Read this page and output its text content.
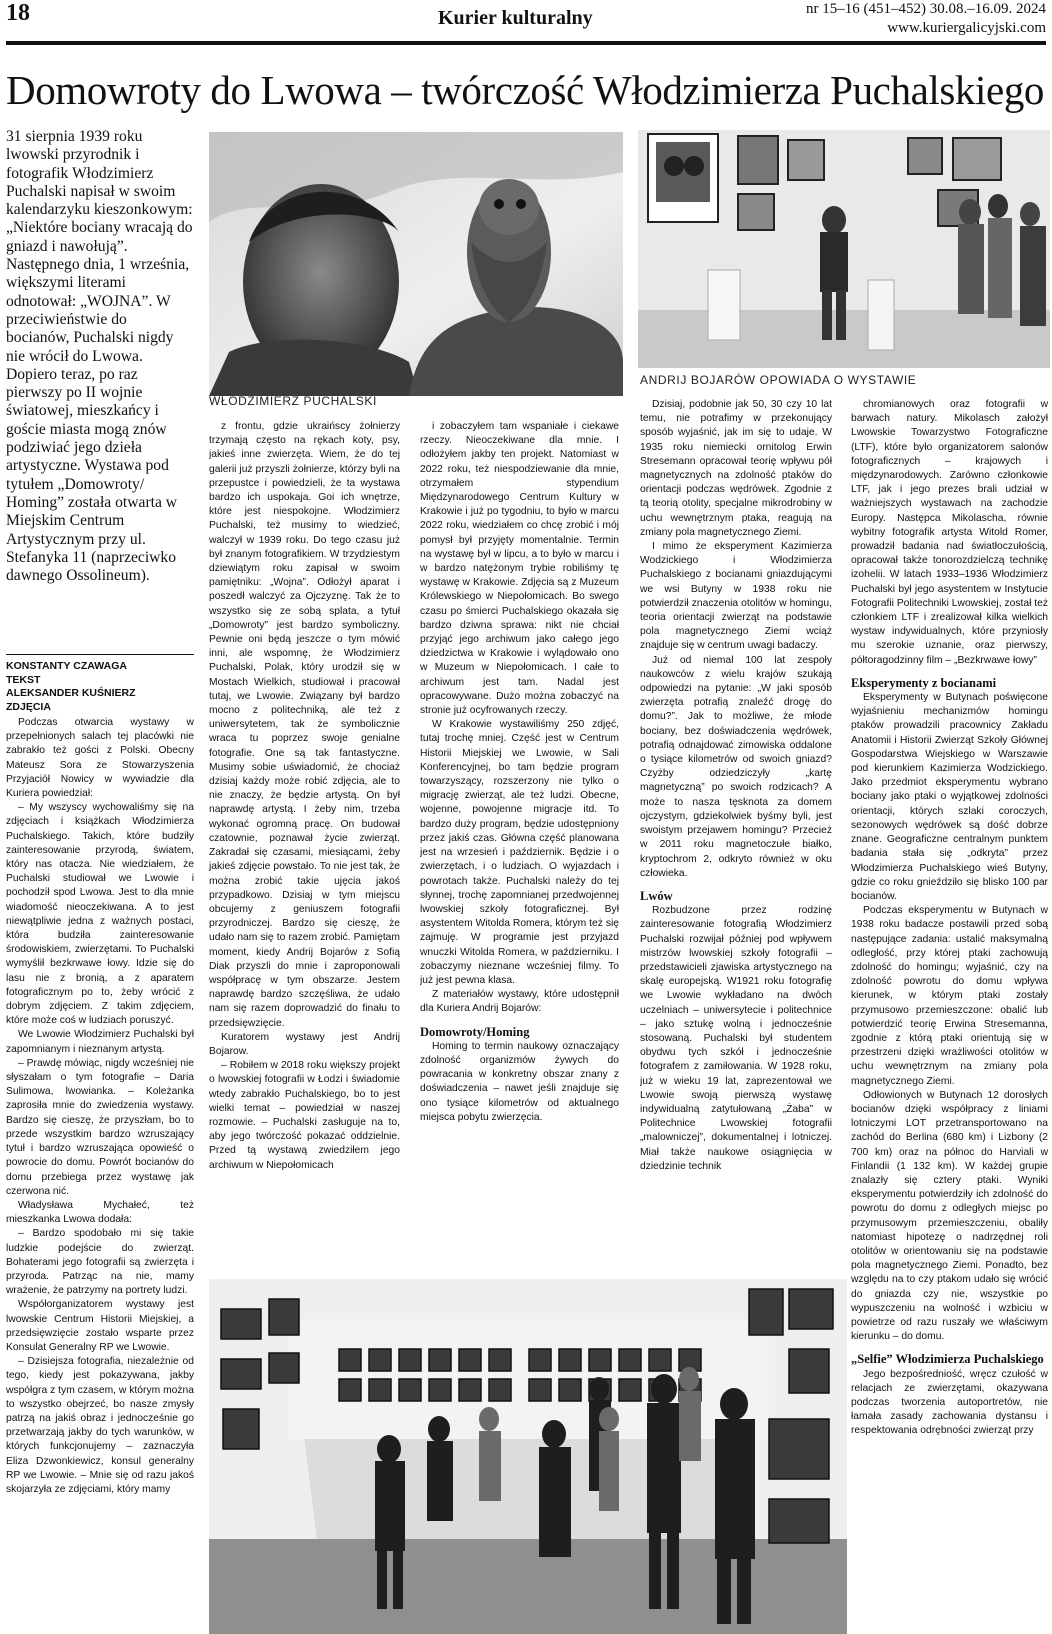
18	Kurier kulturalny	nr 15–16 (451–452) 30.08.–16.09. 2024
www.kuriergalicyjski.com
Domowroty do Lwowa – twórczość Włodzimierza Puchalskiego

31 sierpnia 1939 roku lwowski przyrodnik i fotografik Włodzimierz Puchalski napisał w swoim kalendarzyku kieszonkowym: „Niektóre bociany wracają do gniazd i nawołują”. Następnego dnia, 1 września, większymi literami odnotował: „WOJNA”. W przeciwieństwie do bocianów, Puchalski nigdy nie wrócił do Lwowa. Dopiero teraz, po raz pierwszy po II wojnie światowej, mieszkańcy i goście miasta mogą znów podziwiać jego dzieła artystyczne. Wystawa pod tytułem „Domowroty/ Homing” została otwarta w Miejskim Centrum Artystycznym przy ul. Stefanyka 11 (naprzeciwko dawnego Ossolineum).

KONSTANTY CZAWAGA
TEKST
ALEKSANDER KUŚNIERZ
ZDJĘCIA
WŁODZIMIERZ PUCHALSKI
ANDRIJ BOJARÓW OPOWIADA O WYSTAWIE

Podczas otwarcia wystawy w przepełnionych salach tej placówki nie zabrakło też gości z Polski. Obecny Mateusz Sora ze Stowarzyszenia Przyjaciół Nowicy w wywiadzie dla Kuriera powiedział:

– My wszyscy wychowaliśmy się na zdjęciach i książkach Włodzimierza Puchalskiego. Takich, które budziły zainteresowanie przyrodą, światem, który nas otacza. Nie wiedziałem, że Puchalski studiował we Lwowie i pochodził spod Lwowa. Jest to dla mnie wiadomość nieoczekiwana. A to jest niewątpliwie jedna z ważnych postaci, która budziła zainteresowanie środowiskiem, zwierzętami. To Puchalski wymyślił bezkrwawe łowy. Idzie się do lasu nie z bronią, a z aparatem fotograficznym po to, żeby wrócić z dobrym zdjęciem. Z takim zdjęciem, które może coś w ludziach poruszyć.

We Lwowie Włodzimierz Puchalski był zapomnianym i nieznanym artystą.

– Prawdę mówiąc, nigdy wcześniej nie słyszałam o tym fotografie – Daria Sulimowa, lwowianka. – Koleżanka zaprosiła mnie do zwiedzenia wystawy. Bardzo się cieszę, że przyszłam, bo to przede wszystkim bardzo wzruszający tytuł i bardzo wzruszająca opowieść o powrocie do domu. Powrót bocianów do domu przebiega przez wystawę jak czerwona nić.

Władysława Mychałeć, też mieszkanka Lwowa dodała:

– Bardzo spodobało mi się takie ludzkie podejście do zwierząt. Bohaterami jego fotografii są zwierzęta i przyroda. Patrząc na nie, mamy wrażenie, że patrzymy na portrety ludzi.

Współorganizatorem wystawy jest lwowskie Centrum Historii Miejskiej, a przedsięwzięcie zostało wsparte przez Konsulat Generalny RP we Lwowie.

– Dzisiejsza fotografia, niezależnie od tego, kiedy jest pokazywana, jakby współgra z tym czasem, w którym można to wszystko obejrzeć, bo nasze zmysły patrzą na jakiś obraz i jednocześnie go przetwarzają jakby do tych warunków, w których funkcjonujemy – zaznaczyła Eliza Dzwonkiewicz, konsul generalny RP we Lwowie. – Mnie się od razu jakoś skojarzyła ze zdjęciami, który mamy

z frontu, gdzie ukraińscy żołnierzy trzymają często na rękach koty, psy, jakieś inne zwierzęta. Wiem, że do tej galerii już przyszli żołnierze, którzy byli na przepustce i powiedzieli, że ta wystawa bardzo ich uspokaja. Goi ich wnętrze, które jest niespokojne. Włodzimierz Puchalski, też musimy to wiedzieć, walczył w 1939 roku. Do tego czasu już był znanym fotografikiem. W trzydziestym dziewiątym roku zapisał w swoim pamiętniku: „Wojna”. Odłożył aparat i poszedł walczyć za Ojczyznę. Tak że to wszystko się ze sobą splata, a tytuł „Domowroty” jest bardzo symboliczny. Pewnie oni będą jeszcze o tym mówić inni, ale wspomnę, że Włodzimierz Puchalski, Polak, który urodził się w Mostach Wielkich, studiował i pracował tutaj, we Lwowie. Związany był bardzo mocno z politechniką, ale też z uniwersytetem, tak że symbolicznie wraca tu poprzez swoje genialne fotografie. One są tak fantastyczne. Musimy sobie uświadomić, że chociaż dzisiaj każdy może robić zdjęcia, ale to nie znaczy, że będzie artystą. On był naprawdę artystą. I żeby nim, trzeba wykonać ogromną pracę. On budował czatownie, poznawał życie zwierząt. Zakradał się czasami, miesiącami, żeby jakieś zdjęcie powstało. To nie jest tak, że można zrobić takie ujęcia jakoś przypadkowo. Dzisiaj w tym miejscu obcujemy z geniuszem fotografii przyrodniczej. Bardzo się cieszę, że udało nam się to razem zrobić. Pamiętam moment, kiedy Andrij Bojarów z Sofią Diak przyszli do mnie i zaproponowali współpracę w tym obszarze. Jestem naprawdę bardzo szczęśliwa, że udało nam się razem doprowadzić do finału to przedsięwzięcie.

Kuratorem wystawy jest Andrij Bojarow.

– Robiłem w 2018 roku większy projekt o lwowskiej fotografii w Łodzi i świadomie wtedy zabrakło Puchalskiego, bo to jest wielki temat – powiedział w naszej rozmowie. – Puchalski zasługuje na to, aby jego twórczość pokazać oddzielnie. Przed tą wystawą zwiedziłem jego archiwum w Niepołomicach

i zobaczyłem tam wspaniałe i ciekawe rzeczy. Nieoczekiwane dla mnie. I odłożyłem jakby ten projekt. Natomiast w 2022 roku, też niespodziewanie dla mnie, otrzymałem stypendium Międzynarodowego Centrum Kultury w Krakowie i już po tygodniu, to było w marcu 2022 roku, wiedziałem co chcę zrobić i mój pomysł był przyjęty momentalnie. Termin na wystawę był w lipcu, a to było w marcu i w bardzo natężonym trybie robiliśmy tę wystawę w Krakowie. Zdjęcia są z Muzeum Królewskiego w Niepołomicach. Bo swego czasu po śmierci Puchalskiego okazała się bardzo dziwna sprawa: nikt nie chciał przyjąć jego archiwum jako całego jego dziedzictwa w Krakowie i wylądowało ono w Muzeum w Niepołomicach. I całe to archiwum jest tam. Nadal jest opracowywane. Dużo można zobaczyć na stronie już ocyfrowanych rzeczy.

W Krakowie wystawiliśmy 250 zdjęć, tutaj trochę mniej. Część jest w Centrum Historii Miejskiej we Lwowie, w Sali Konferencyjnej, bo tam będzie program towarzyszący, rozszerzony nie tylko o migrację zwierząt, ale też ludzi. Obecne, wojenne, powojenne migracje itd. To bardzo duży program, będzie udostępniony przez jakiś czas. Główna część planowana jest na wrzesień i październik. Będzie i o zwierzętach, i o ludziach. O wyjazdach i powrotach także. Puchalski należy do tej słynnej, trochę zapomnianej przedwojennej lwowskiej szkoły fotograficznej. Był asystentem Witolda Romera, którym też się zajmuję. W programie jest przyjazd wnuczki Witolda Romera, w październiku. I zobaczymy nieznane wcześniej filmy. To już jest pewna klasa.

Z materiałów wystawy, które udostępnił dla Kuriera Andrij Bojarów:

Domowroty/Homing

Homing to termin naukowy oznaczający zdolność organizmów żywych do powracania w konkretny obszar znany z doświadczenia – nawet jeśli znajduje się ono tysiące kilometrów od aktualnego miejsca pobytu zwierzęcia.

Dzisiaj, podobnie jak 50, 30 czy 10 lat temu, nie potrafimy w przekonujący sposób wyjaśnić, jak im się to udaje. W 1935 roku niemiecki ornitolog Erwin Stresemann opracował teorię wpływu pół magnetycznych na zdolność ptaków do orientacji podczas wędrówek. Zgodnie z tą teorią otolity, specjalne mikrodrobiny w uchu wewnętrznym ptaka, reagują na zmiany pola magnetycznego Ziemi.

I mimo że eksperyment Kazimierza Wodzickiego i Włodzimierza Puchalskiego z bocianami gniazdującymi we wsi Butyny w 1938 roku nie potwierdził znaczenia otolitów w homingu, teoria orientacji zwierząt na podstawie pola magnetycznego Ziemi wciąż znajduje się w centrum uwagi badaczy.

Już od niemal 100 lat zespoły naukowców z wielu krajów szukają odpowiedzi na pytanie: „W jaki sposób zwierzęta potrafią znaleźć drogę do domu?”. Jak to możliwe, że młode bociany, bez doświadczenia wędrówek, potrafią odnajdować zimowiska oddalone o tysiące kilometrów od swoich gniazd? Czyżby odziedziczyły „kartę magnetyczną” po swoich rodzicach? A może to nasza tęsknota za domem ojczystym, gdziekolwiek byśmy byli, jest swoistym przejawem homingu? Przecież w 2011 roku magnetoczułe białko, kryptochrom 2, odkryto również w oku człowieka.

Lwów

Rozbudzone przez rodzinę zainteresowanie fotografią Włodzimierz Puchalski rozwijał później pod wpływem mistrzów lwowskiej szkoły fotografii – przedstawicieli zjawiska artystycznego na skalę europejską. W1921 roku fotografię we Lwowie wykładano na dwóch uczelniach – uniwersytecie i politechnice – jako sztukę wolną i jednocześnie stosowaną. Puchalski był studentem obydwu tych szkół i jednocześnie fotografem z zamiłowania. W 1928 roku, już w wieku 19 lat, zaprezentował we Lwowie swoją pierwszą wystawę indywidualną zatytułowaną „Żaba” w Politechnice Lwowskiej fotografii „malowniczej”, dokumentalnej i lotniczej. Miał także naukowe osiągnięcia w dziedzinie technik

chromianowych oraz fotografii w barwach natury. Mikolasch założył Lwowskie Towarzystwo Fotograficzne (LTF), które było organizatorem salonów fotograficznych – krajowych i międzynarodowych. Zarówno członkowie LTF, jak i jego prezes brali udział w ważniejszych wystawach na zachodzie Europy. Następca Mikolascha, równie wybitny fotografik artysta Witold Romer, prowadził badania nad światłoczułością, opracował także tonorozdzielczą technikę izohelii. W latach 1933–1936 Włodzimierz Puchalski był jego asystentem w Instytucie Fotografii Politechniki Lwowskiej, został też członkiem LTF i zrealizował kilka wielkich wystaw indywidualnych, które przyniosły mu szerokie uznanie, oraz pierwszy, półtoragodzinny film – „Bezkrwawe łowy”

Eksperymenty z bocianami

Eksperymenty w Butynach poświęcone wyjaśnieniu mechanizmów homingu ptaków prowadzili pracownicy Zakładu Anatomii i Historii Zwierząt Szkoły Głównej Gospodarstwa Wiejskiego w Warszawie pod kierunkiem Kazimierza Wodzickiego. Jako przedmiot eksperymentu wybrano bociany jako ptaki o wyjątkowej zdolności orientacji, których szlaki coroczych, sezonowych wędrówek są dość dobrze znane. Geograficzne centralnym punktem badania stała się „odkryta” przez Włodzimierza Puchalskiego wieś Butyny, gdzie co roku gnieździło się blisko 100 par bocianów.

Podczas eksperymentu w Butynach w 1938 roku badacze postawili przed sobą następujące zadania: ustalić maksymalną odległość, przy której ptaki zachowują zdolność do homingu; wyjaśnić, czy na zdolność powrotu do domu wpływa kierunek, w którym ptaki zostały przymusowo przemieszczone: obalić lub potwierdzić teorię Erwina Stresemanna, zgodnie z którą ptaki orientują się w przestrzeni dzięki wrażliwości otolitów w uchu wewnętrznym na zmiany pola magnetycznego Ziemi.

Odłowionych w Butynach 12 dorosłych bocianów dzięki współpracy z liniami lotniczymi LOT przetransportowano na zachód do Berlina (680 km) i Lizbony (2 700 km) oraz na północ do Harviali w Finlandii (1 132 km). W każdej grupie znalazły się cztery ptaki. Wyniki eksperymentu potwierdziły ich zdolność do powrotu do domu z odległych miejsc po przymusowym przemieszczeniu, obaliły natomiast hipotezę o nadrzędnej roli otolitów w orientowaniu się na podstawie pola magnetycznego Ziemi. Ponadto, bez względu na to czy ptakom udało się wrócić do gniazda czy nie, wszystkie po wypuszczeniu na wolność i wzbiciu w powietrze od razu ruszały we właściwym kierunku – do domu.

„Selfie” Włodzimierza Puchalskiego

Jego bezpośredniość, wręcz czułość w relacjach ze zwierzętami, okazywana podczas tworzenia autoportretów, nie łamała zasady zachowania dystansu i respektowania odrębności zwierząt przy
